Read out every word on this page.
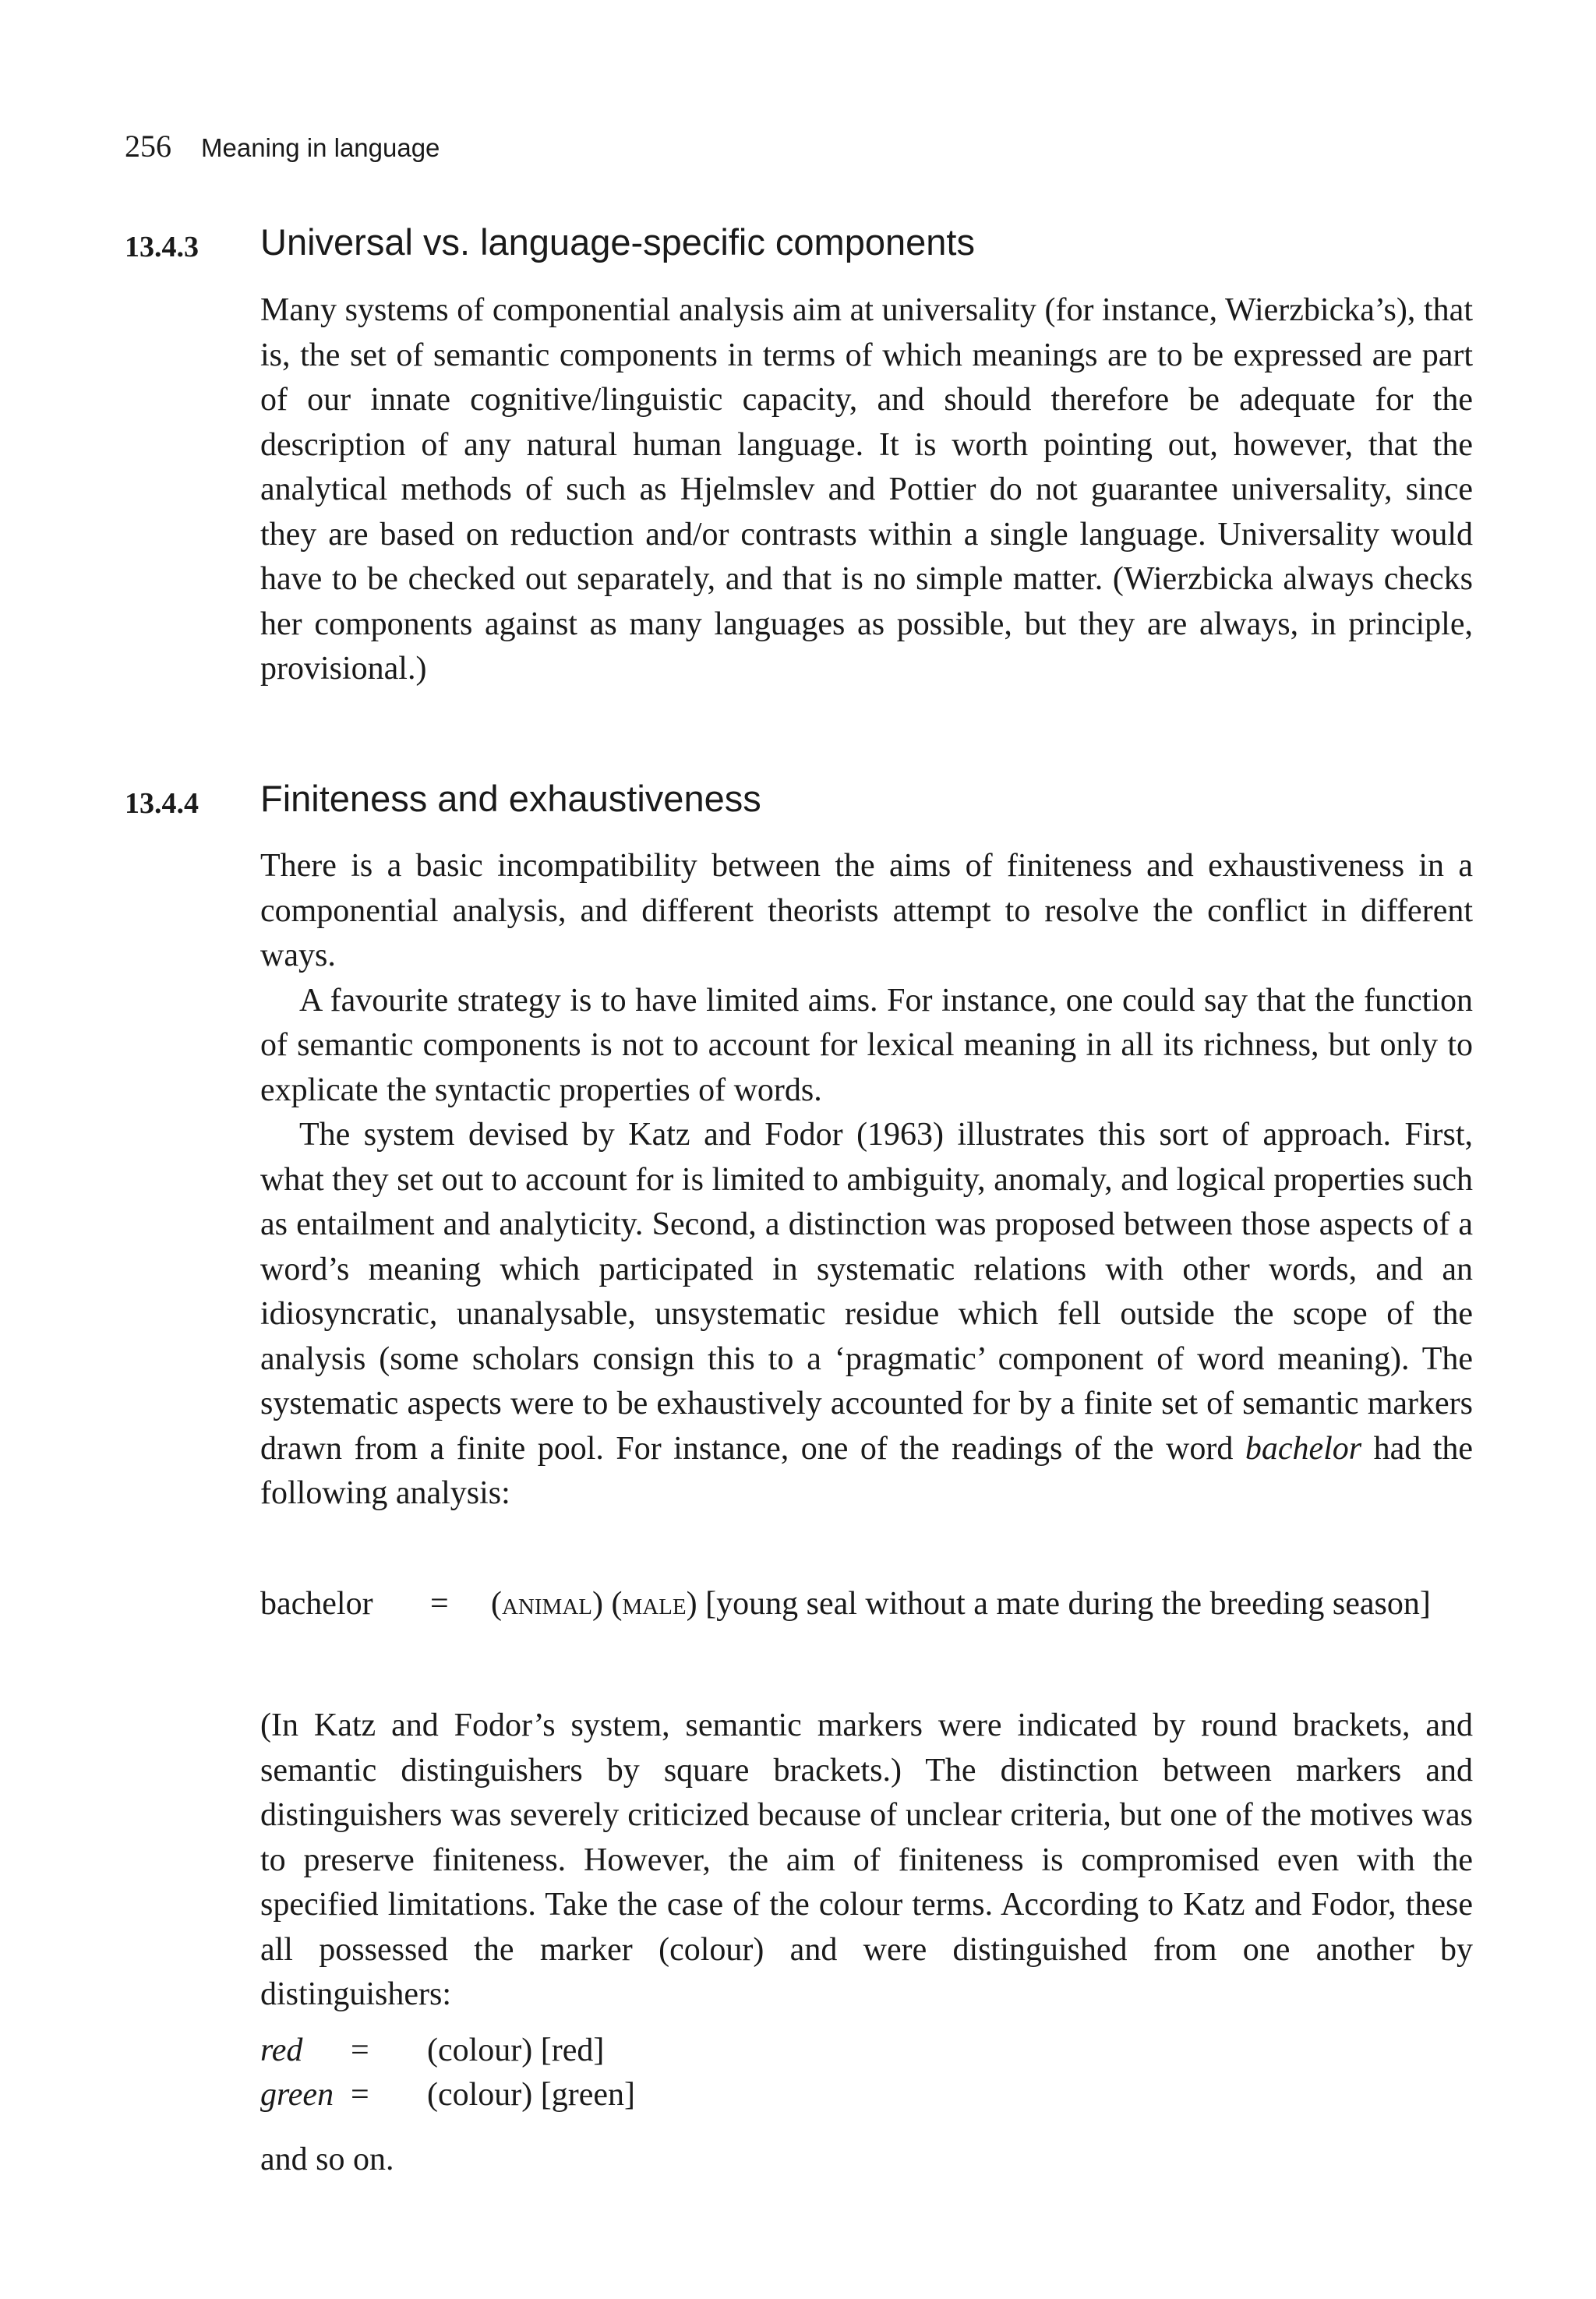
256 Meaning in language
13.4.3 Universal vs. language-specific components

Many systems of componential analysis aim at universality (for instance, Wierzbicka’s), that is, the set of semantic components in terms of which meanings are to be expressed are part of our innate cognitive/linguistic capacity, and should therefore be adequate for the description of any natural human language. It is worth pointing out, however, that the analytical methods of such as Hjelmslev and Pottier do not guarantee universality, since they are based on reduction and/or contrasts within a single language. Universality would have to be checked out separately, and that is no simple matter. (Wierzbicka always checks her components against as many languages as possible, but they are always, in principle, provisional.)

13.4.4 Finiteness and exhaustiveness

There is a basic incompatibility between the aims of finiteness and exhaustiveness in a componential analysis, and different theorists attempt to resolve the conflict in different ways.

A favourite strategy is to have limited aims. For instance, one could say that the function of semantic components is not to account for lexical meaning in all its richness, but only to explicate the syntactic properties of words.

The system devised by Katz and Fodor (1963) illustrates this sort of approach. First, what they set out to account for is limited to ambiguity, anomaly, and logical properties such as entailment and analyticity. Second, a distinction was proposed between those aspects of a word’s meaning which participated in systematic relations with other words, and an idiosyncratic, unanalysable, unsystematic residue which fell outside the scope of the analysis (some scholars consign this to a ‘pragmatic’ component of word meaning). The systematic aspects were to be exhaustively accounted for by a finite set of semantic markers drawn from a finite pool. For instance, one of the readings of the word bachelor had the following analysis:

bachelor = (animal) (male) [young seal without a mate during the breeding season]

(In Katz and Fodor’s system, semantic markers were indicated by round brackets, and semantic distinguishers by square brackets.) The distinction between markers and distinguishers was severely criticized because of unclear criteria, but one of the motives was to preserve finiteness. However, the aim of finiteness is compromised even with the specified limitations. Take the case of the colour terms. According to Katz and Fodor, these all possessed the marker (colour) and were distinguished from one another by distinguishers:

red = (colour) [red]
green = (colour) [green]
and so on.
